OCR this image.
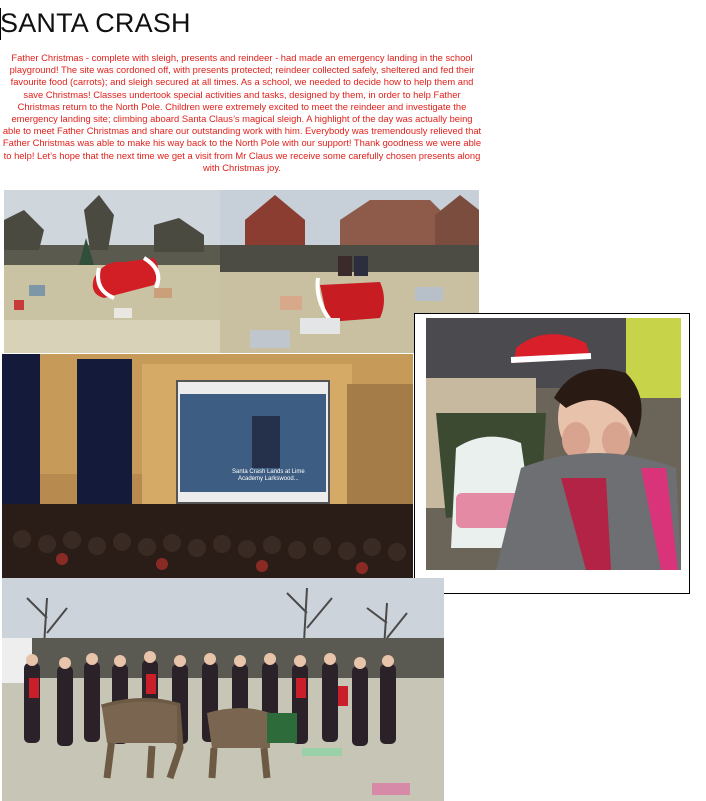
SANTA CRASH

Father Christmas - complete with sleigh, presents and reindeer - had made an emergency landing in the school playground! The site was cordoned off, with presents protected; reindeer collected safely, sheltered and fed their favourite food (carrots); and sleigh secured at all times. As a school, we needed to decide how to help them and save Christmas! Classes undertook special activities and tasks, designed by them, in order to help Father Christmas return to the North Pole. Children were extremely excited to meet the reindeer and investigate the emergency landing site; climbing aboard Santa Claus’s magical sleigh. A highlight of the day was actually being able to meet Father Christmas and share our outstanding work with him. Everybody was tremendously relieved that Father Christmas was able to make his way back to the North Pole with our support! Thank goodness we were able to help! Let’s hope that the next time we get a visit from Mr Claus we receive some carefully chosen presents along with Christmas joy.

Santa Crash Lands at Lime
Academy Larkswood...
